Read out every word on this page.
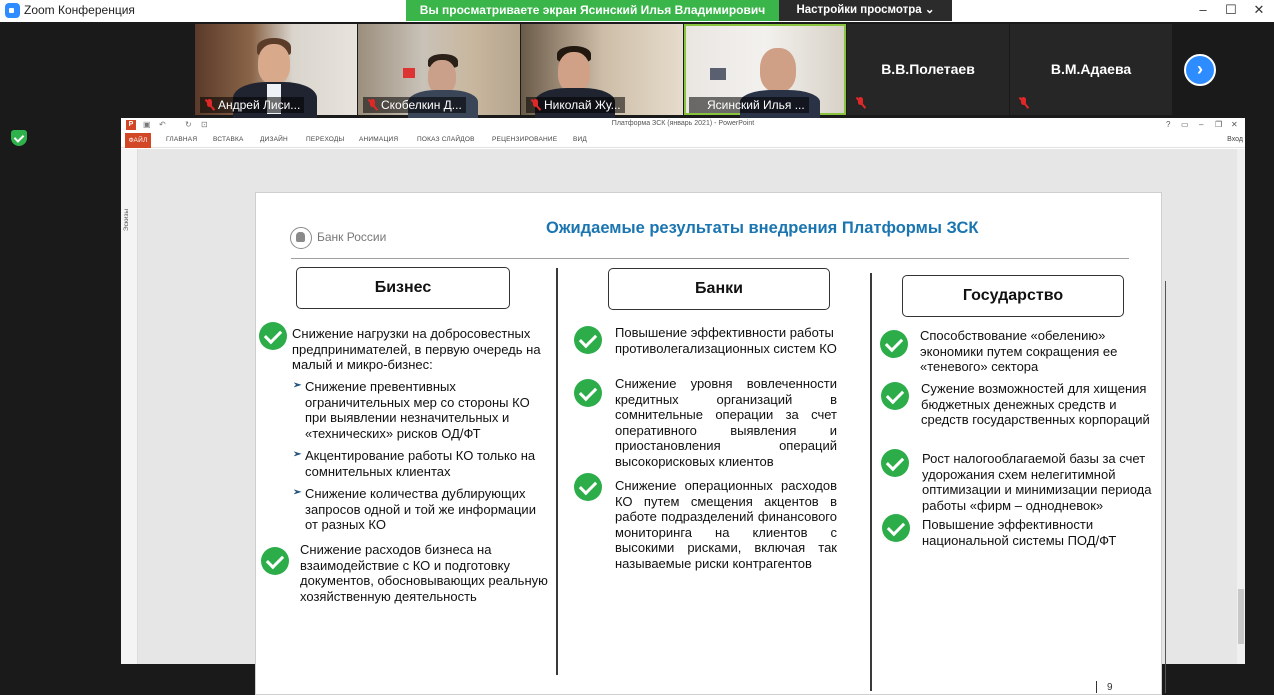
Zoom Конференция	Вы просматриваете экран Ясинский Илья Владимирович	Настройки просмотра ⌄	–	☐	✕
Андрей Лиси...	Скобелкин Д...	Николай Жу...	Ясинский Илья ...
В.В.Полетаев	В.М.Адаева	›
P	▣ ↶ ↻ ⊡	Платформа ЗСК (январь 2021) - PowerPoint	? ▭ – ❐ ✕
ФАЙЛ	ГЛАВНАЯ ВСТАВКА	ДИЗАЙН	ПЕРЕХОДЫ АНИМАЦИЯ	ПОКАЗ СЛАЙДОВ	РЕЦЕНЗИРОВАНИЕ ВИД	Вход
Эскизы
Банк России	Ожидаемые результаты внедрения Платформы ЗСК
Бизнес
Снижение нагрузки на добросовестных предпринимателей, в первую очередь на малый и микро-бизнес:
➢ Снижение превентивных ограничительных мер со стороны КО при выявлении незначительных и «технических» рисков ОД/ФТ
➢ Акцентирование работы КО только на сомнительных клиентах
➢ Снижение количества дублирующих запросов одной и той же информации от разных КО
Снижение расходов бизнеса на взаимодействие с КО и подготовку документов, обосновывающих реальную хозяйственную деятельность
Банки
Повышение эффективности работы противолегализационных систем КО
Снижение уровня вовлеченности кредитных организаций в сомнительные операции за счет оперативного выявления и приостановления операций высокорисковых клиентов
Снижение операционных расходов КО путем смещения акцентов в работе подразделений финансового мониторинга на клиентов с высокими рисками, включая так называемые риски контрагентов
Государство
Способствование «обелению» экономики путем сокращения ее «теневого» сектора
Сужение возможностей для хищения бюджетных денежных средств и средств государственных корпораций
Рост налогооблагаемой базы за счет удорожания схем нелегитимной оптимизации и минимизации периода работы «фирм – однодневок»
Повышение эффективности национальной системы ПОД/ФТ
9
